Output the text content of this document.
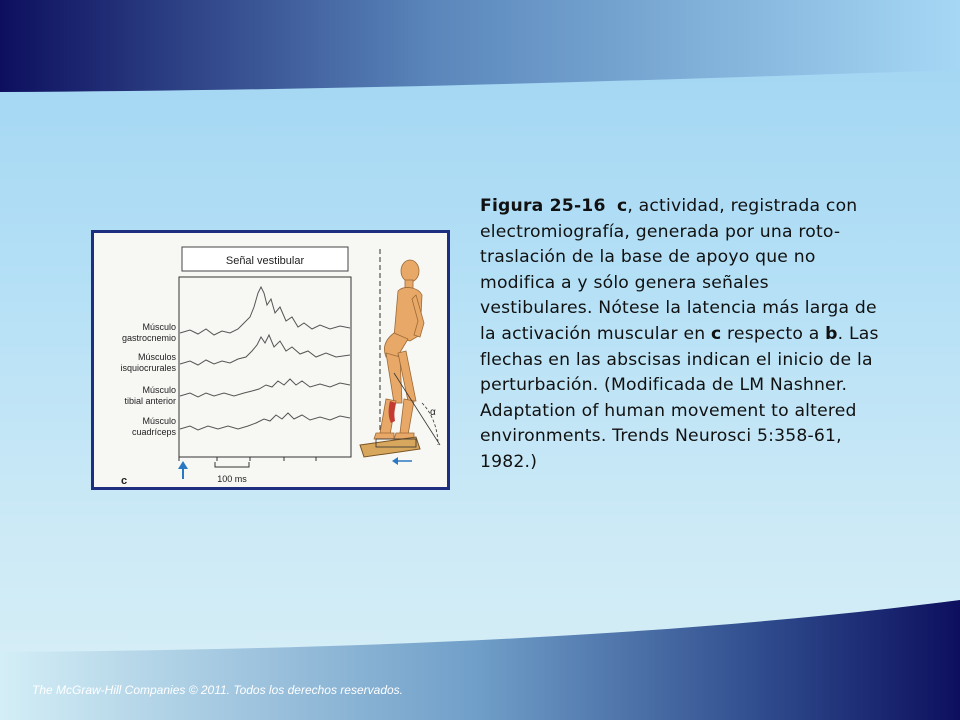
Señal vestibular
Músculo
gastrocnemio
Músculos
isquiocrurales
Músculo
tibial anterior
Músculo
cuadríceps
100 ms
c
α
Figura 25-16 c, actividad, registrada con electromiografía, generada por una roto-traslación de la base de apoyo que no modifica a y sólo genera señales vestibulares. Nótese la latencia más larga de la activación muscular en c respecto a b. Las flechas en las abscisas indican el inicio de la perturbación. (Modificada de LM Nashner. Adaptation of human movement to altered environments. Trends Neurosci 5:358-61, 1982.)
The McGraw-Hill Companies © 2011. Todos los derechos reservados.
